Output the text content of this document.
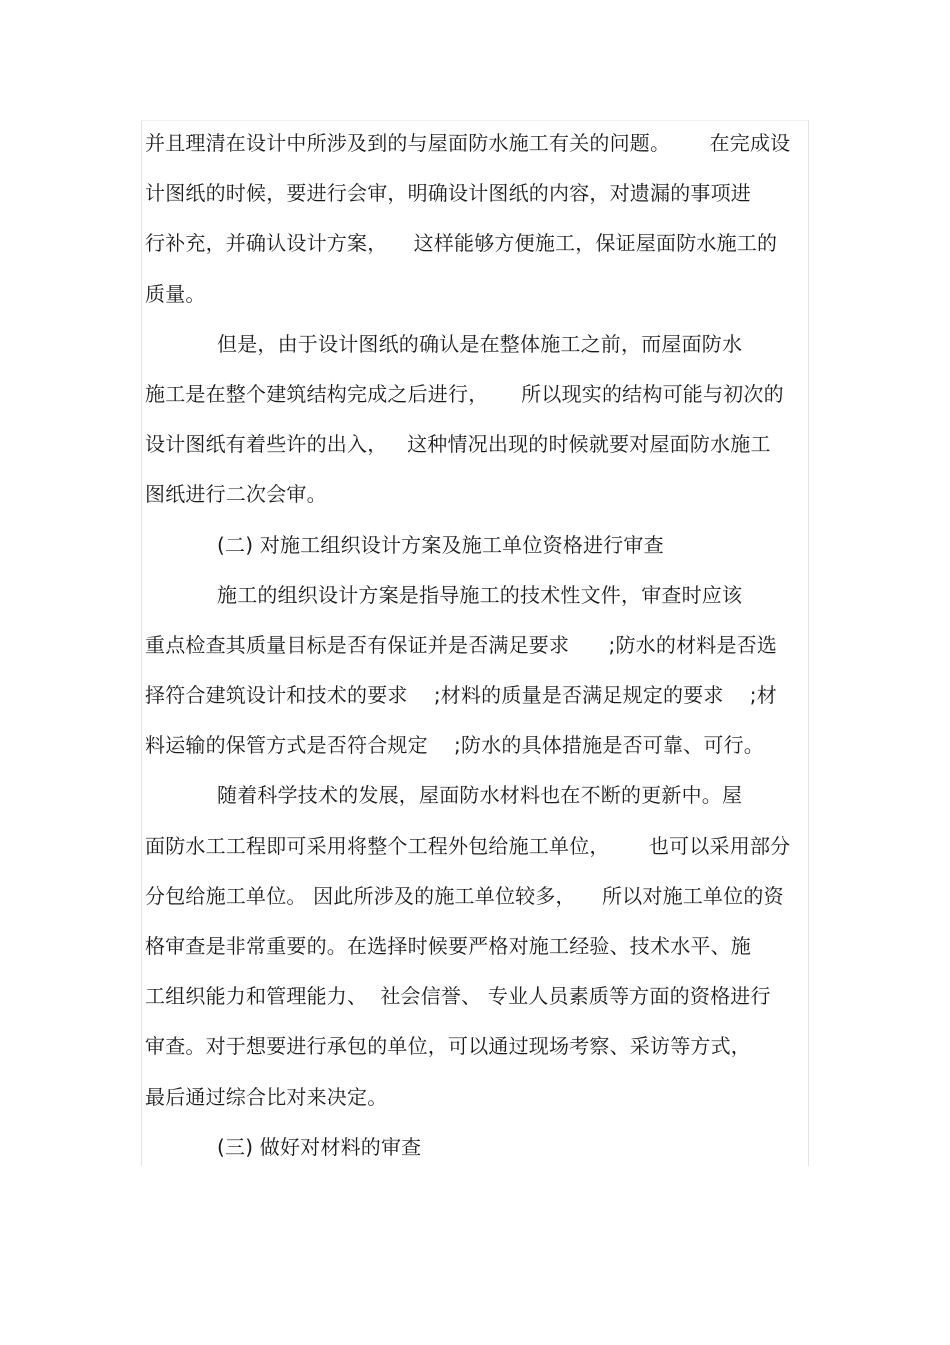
并且理清在设计中所涉及到的与屋面防水施工有关的问题。      在完成设
计图纸的时候，要进行会审，明确设计图纸的内容，对遗漏的事项进
行补充，并确认设计方案，    这样能够方便施工，保证屋面防水施工的
质量。
但是，由于设计图纸的确认是在整体施工之前，而屋面防水
施工是在整个建筑结构完成之后进行，     所以现实的结构可能与初次的
设计图纸有着些许的出入，   这种情况出现的时候就要对屋面防水施工
图纸进行二次会审。
(二) 对施工组织设计方案及施工单位资格进行审查
施工的组织设计方案是指导施工的技术性文件，审查时应该
重点检查其质量目标是否有保证并是否满足要求      ;防水的材料是否选
择符合建筑设计和技术的要求    ;材料的质量是否满足规定的要求    ;材
料运输的保管方式是否符合规定    ;防水的具体措施是否可靠、可行。
随着科学技术的发展，屋面防水材料也在不断的更新中。屋
面防水工工程即可采用将整个工程外包给施工单位，      也可以采用部分
分包给施工单位。 因此所涉及的施工单位较多，    所以对施工单位的资
格审查是非常重要的。在选择时候要严格对施工经验、技术水平、施
工组织能力和管理能力、  社会信誉、 专业人员素质等方面的资格进行
审查。对于想要进行承包的单位，可以通过现场考察、采访等方式，
最后通过综合比对来决定。
(三) 做好对材料的审查
